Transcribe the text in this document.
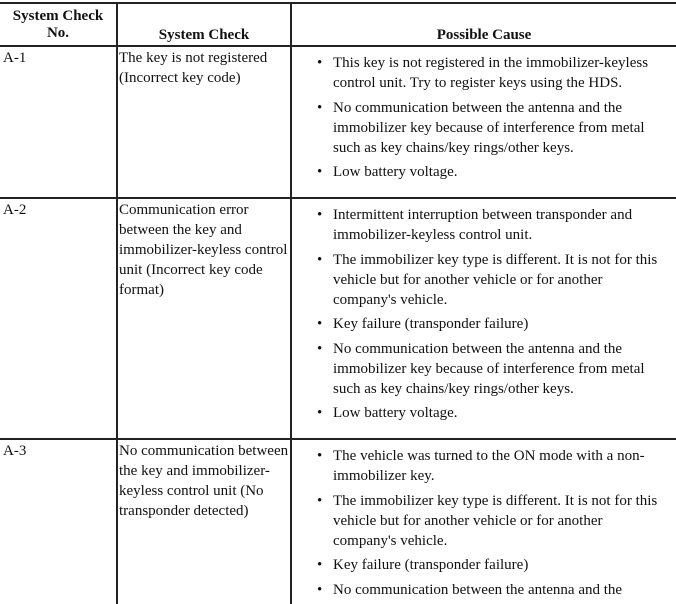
System Check No.	System Check	Possible Cause
A-1	The key is not registered (Incorrect key code)
• This key is not registered in the immobilizer-keyless control unit. Try to register keys using the HDS.
• No communication between the antenna and the immobilizer key because of interference from metal such as key chains/key rings/other keys.
• Low battery voltage.
A-2	Communication error between the key and immobilizer-keyless control unit (Incorrect key code format)
• Intermittent interruption between transponder and immobilizer-keyless control unit.
• The immobilizer key type is different. It is not for this vehicle but for another vehicle or for another company's vehicle.
• Key failure (transponder failure)
• No communication between the antenna and the immobilizer key because of interference from metal such as key chains/key rings/other keys.
• Low battery voltage.
A-3	No communication between the key and immobilizer-keyless control unit (No transponder detected)
• The vehicle was turned to the ON mode with a non-immobilizer key.
• The immobilizer key type is different. It is not for this vehicle but for another vehicle or for another company's vehicle.
• Key failure (transponder failure)
• No communication between the antenna and the
